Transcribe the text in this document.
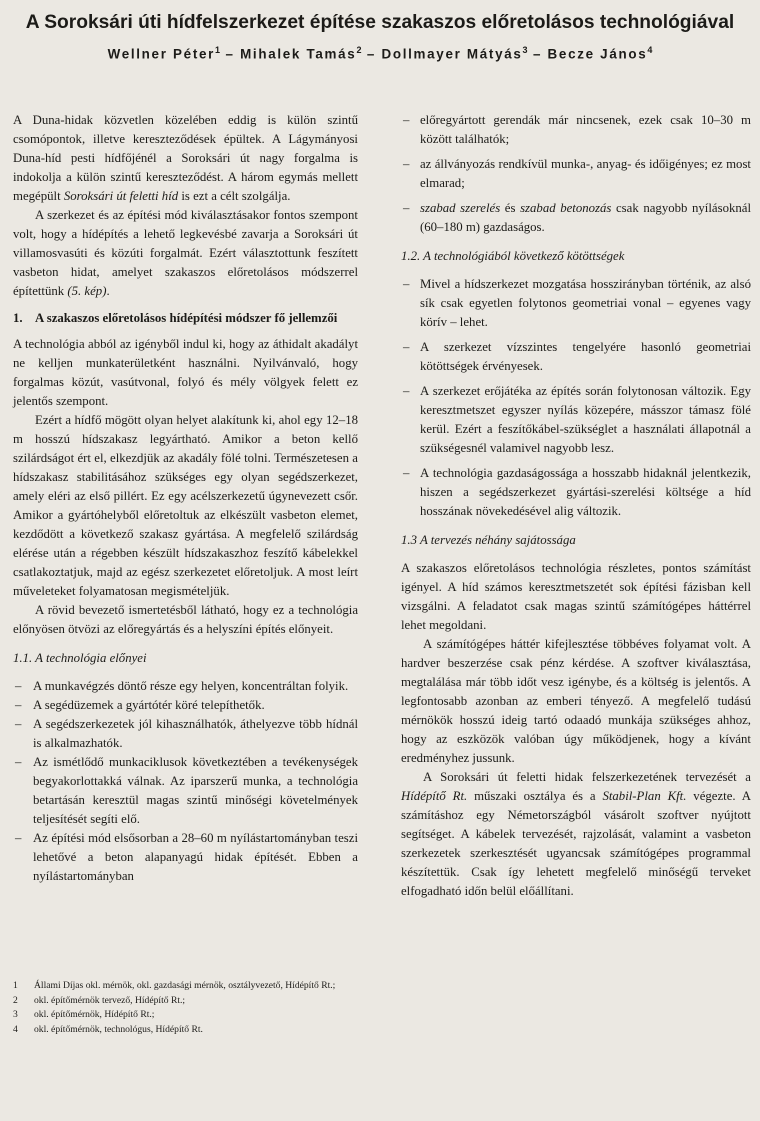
A Soroksári úti hídfelszerkezet építése szakaszos előretolásos technológiával
Wellner Péter$^1$ – Mihalek Tamás$^2$ – Dollmayer Mátyás$^3$ – Becze János$^4$

A Duna-hidak közvetlen közelében eddig is külön szintű csomópontok, illetve kereszteződések épültek. A Lágymányosi Duna-híd pesti hídfőjénél a Soroksári út nagy forgalma is indokolja a külön szintű kereszteződést. A három egymás mellett megépült Soroksári út feletti híd is ezt a célt szolgálja.

A szerkezet és az építési mód kiválasztásakor fontos szempont volt, hogy a hídépítés a lehető legkevésbé zavarja a Soroksári út villamosvasúti és közúti forgalmát. Ezért választottunk feszített vasbeton hidat, amelyet szakaszos előretolásos módszerrel építettünk (5. kép).

1. A szakaszos előretolásos hídépítési módszer fő jellemzői

A technológia abból az igényből indul ki, hogy az áthidalt akadályt ne kelljen munkaterületként használni. Nyilvánvaló, hogy forgalmas közút, vasútvonal, folyó és mély völgyek felett ez jelentős szempont.

Ezért a hídfő mögött olyan helyet alakítunk ki, ahol egy 12–18 m hosszú hídszakasz legyártható. Amikor a beton kellő szilárdságot ért el, elkezdjük az akadály fölé tolni. Természetesen a hídszakasz stabilitásához szükséges egy olyan segédszerkezet, amely eléri az első pillért. Ez egy acélszerkezetű úgynevezett csőr. Amikor a gyártóhelyből előretoltuk az elkészült vasbeton elemet, kezdődött a következő szakasz gyártása. A megfelelő szilárdság elérése után a régebben készült hídszakaszhoz feszítő kábelekkel csatlakoztatjuk, majd az egész szerkezetet előretoljuk. A most leírt műveleteket folyamatosan megismételjük.

A rövid bevezető ismertetésből látható, hogy ez a technológia előnyösen ötvözi az előregyártás és a helyszíni építés előnyeit.

1.1. A technológia előnyei
– A munkavégzés döntő része egy helyen, koncentráltan folyik.
– A segédüzemek a gyártótér köré telepíthetők.
– A segédszerkezetek jól kihasználhatók, áthelyezve több hídnál is alkalmazhatók.
– Az ismétlődő munkaciklusok következtében a tevékenységek begyakorlottakká válnak. Az iparszerű munka, a technológia betartásán keresztül magas szintű minőségi követelmények teljesítését segíti elő.
– Az építési mód elsősorban a 28–60 m nyílástartományban teszi lehetővé a beton alapanyagú hidak építését. Ebben a nyílástartományban
– előregyártott gerendák már nincsenek, ezek csak 10–30 m között találhatók;
– az állványozás rendkívül munka-, anyag- és időigényes; ez most elmarad;
– szabad szerelés és szabad betonozás csak nagyobb nyílásoknál (60–180 m) gazdaságos.
1.2. A technológiából következő kötöttségek
– Mivel a hídszerkezet mozgatása hosszirányban történik, az alsó sík csak egyetlen folytonos geometriai vonal – egyenes vagy körív – lehet.
– A szerkezet vízszintes tengelyére hasonló geometriai kötöttségek érvényesek.
– A szerkezet erőjátéka az építés során folytonosan változik. Egy keresztmetszet egyszer nyílás közepére, másszor támasz fölé kerül. Ezért a feszítőkábel-szükséglet a használati állapotnál a szükségesnél valamivel nagyobb lesz.
– A technológia gazdaságossága a hosszabb hidaknál jelentkezik, hiszen a segédszerkezet gyártási-szerelési költsége a híd hosszának növekedésével alig változik.
1.3 A tervezés néhány sajátossága

A szakaszos előretolásos technológia részletes, pontos számítást igényel. A híd számos keresztmetszetét sok építési fázisban kell vizsgálni. A feladatot csak magas szintű számítógépes háttérrel lehet megoldani.

A számítógépes háttér kifejlesztése többéves folyamat volt. A hardver beszerzése csak pénz kérdése. A szoftver kiválasztása, megtalálása már több időt vesz igénybe, és a költség is jelentős. A legfontosabb azonban az emberi tényező. A megfelelő tudású mérnökök hosszú ideig tartó odaadó munkája szükséges ahhoz, hogy az eszközök valóban úgy működjenek, hogy a kívánt eredményhez jussunk.

A Soroksári út feletti hidak felszerkezetének tervezését a Hídépítő Rt. műszaki osztálya és a Stabil-Plan Kft. végezte. A számításhoz egy Németországból vásárolt szoftver nyújtott segítséget. A kábelek tervezését, rajzolását, valamint a vasbeton szerkezetek szerkesztését ugyancsak számítógépes programmal készítettük. Csak így lehetett megfelelő minőségű terveket elfogadható időn belül előállítani.

1	Állami Díjas okl. mérnök, okl. gazdasági mérnök, osztályvezető, Hídépítő Rt.;
2	okl. építőmérnök tervező, Hídépítő Rt.;
3	okl. építőmérnök, Hídépítő Rt.;
4	okl. építőmérnök, technológus, Hídépítő Rt.
